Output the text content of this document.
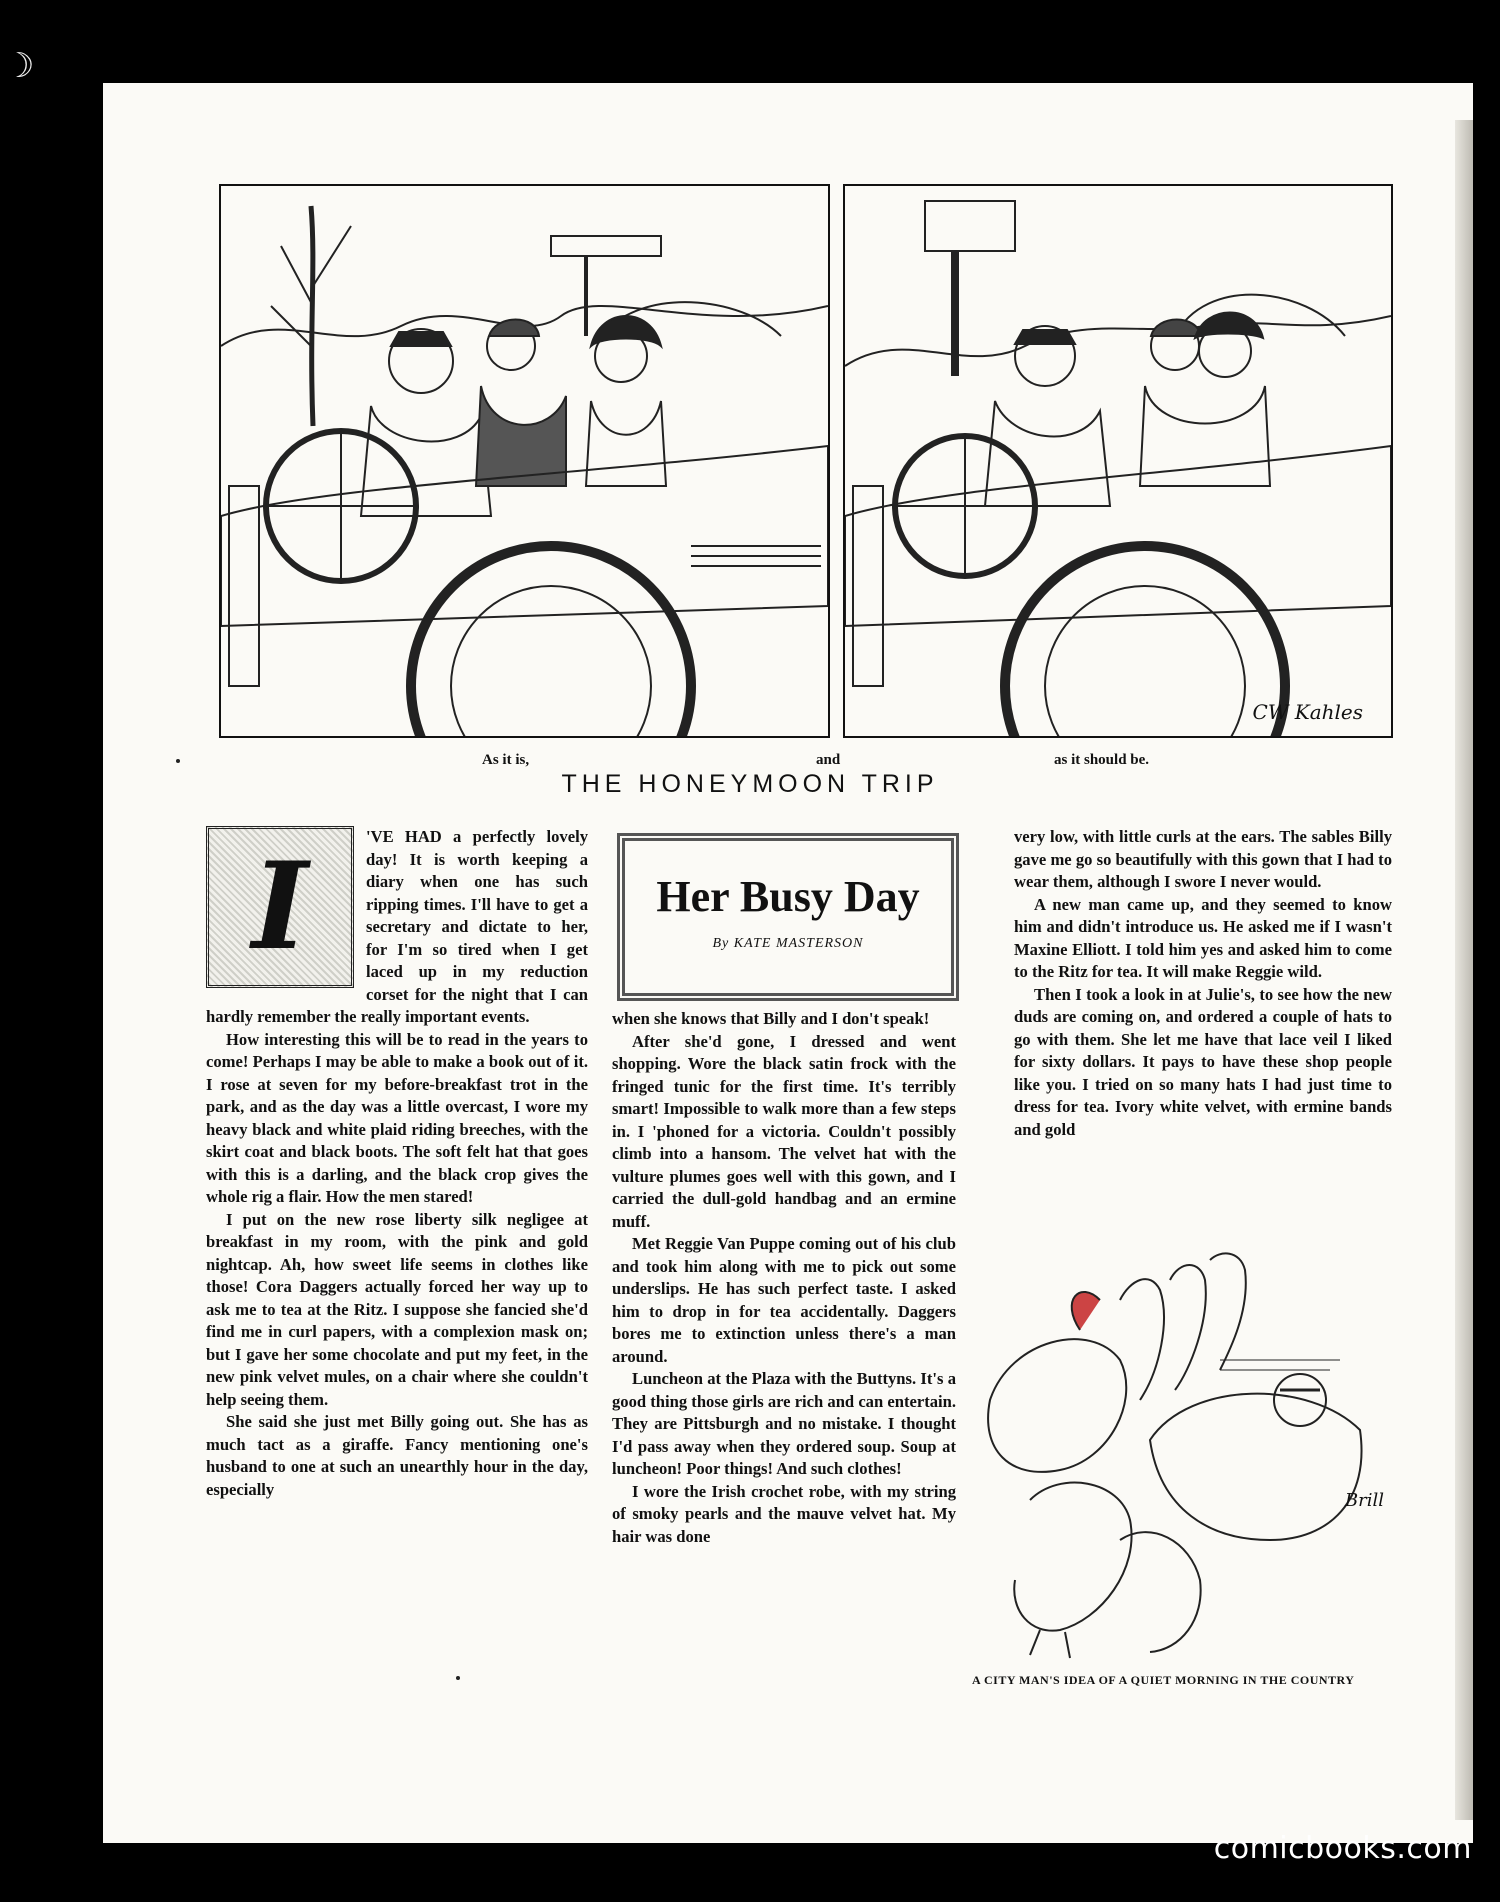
☽
CW Kahles
As it is,	and	as it should be.
THE HONEYMOON TRIP
I	'VE HAD a perfectly lovely day! It is worth keeping a diary when one has such ripping times. I'll have to get a secretary and dictate to her, for I'm so tired when I get laced up in my reduction corset for the night that I can hardly remember the really important events.

How interesting this will be to read in the years to come! Perhaps I may be able to make a book out of it. I rose at seven for my before-breakfast trot in the park, and as the day was a little overcast, I wore my heavy black and white plaid riding breeches, with the skirt coat and black boots. The soft felt hat that goes with this is a darling, and the black crop gives the whole rig a flair. How the men stared!

I put on the new rose liberty silk negligee at breakfast in my room, with the pink and gold nightcap. Ah, how sweet life seems in clothes like those! Cora Daggers actually forced her way up to ask me to tea at the Ritz. I suppose she fancied she'd find me in curl papers, with a complexion mask on; but I gave her some chocolate and put my feet, in the new pink velvet mules, on a chair where she couldn't help seeing them.

She said she just met Billy going out. She has as much tact as a giraffe. Fancy mentioning one's husband to one at such an unearthly hour in the day, especially

Her Busy Day
By KATE MASTERSON

when she knows that Billy and I don't speak!

After she'd gone, I dressed and went shopping. Wore the black satin frock with the fringed tunic for the first time. It's terribly smart! Impossible to walk more than a few steps in. I 'phoned for a victoria. Couldn't possibly climb into a hansom. The velvet hat with the vulture plumes goes well with this gown, and I carried the dull-gold handbag and an ermine muff.

Met Reggie Van Puppe coming out of his club and took him along with me to pick out some underslips. He has such perfect taste. I asked him to drop in for tea accidentally. Daggers bores me to extinction unless there's a man around.

Luncheon at the Plaza with the Buttyns. It's a good thing those girls are rich and can entertain. They are Pittsburgh and no mistake. I thought I'd pass away when they ordered soup. Soup at luncheon! Poor things! And such clothes!

I wore the Irish crochet robe, with my string of smoky pearls and the mauve velvet hat. My hair was done

very low, with little curls at the ears. The sables Billy gave me go so beautifully with this gown that I had to wear them, although I swore I never would.

A new man came up, and they seemed to know him and didn't introduce us. He asked me if I wasn't Maxine Elliott. I told him yes and asked him to come to the Ritz for tea. It will make Reggie wild.

Then I took a look in at Julie's, to see how the new duds are coming on, and ordered a couple of hats to go with them. She let me have that lace veil I liked for sixty dollars. It pays to have these shop people like you. I tried on so many hats I had just time to dress for tea. Ivory white velvet, with ermine bands and gold

Brill
A CITY MAN'S IDEA OF A QUIET MORNING IN THE COUNTRY
comicbooks.com
